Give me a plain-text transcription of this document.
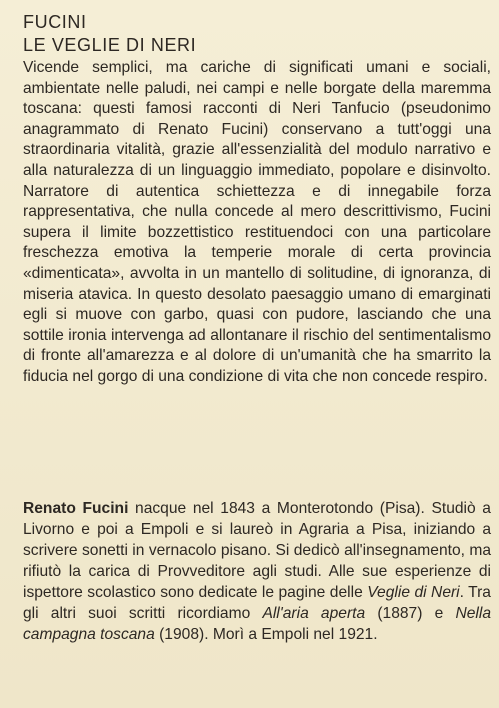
FUCINI

LE VEGLIE DI NERI

Vicende semplici, ma cariche di significati umani e sociali, ambientate nelle paludi, nei campi e nelle borgate della maremma toscana: questi famosi racconti di Neri Tanfucio (pseudonimo anagrammato di Renato Fucini) conservano a tutt'oggi una straordinaria vitalità, grazie all'essenzialità del modulo narrativo e alla naturalezza di un linguaggio immediato, popolare e disinvolto. Narratore di autentica schiettezza e di innegabile forza rappresentativa, che nulla concede al mero descrittivismo, Fucini supera il limite bozzettistico restituendoci con una particolare freschezza emotiva la temperie morale di certa provincia «dimenticata», avvolta in un mantello di solitudine, di ignoranza, di miseria atavica. In questo desolato paesaggio umano di emarginati egli si muove con garbo, quasi con pudore, lasciando che una sottile ironia intervenga ad allontanare il rischio del sentimentalismo di fronte all'amarezza e al dolore di un'umanità che ha smarrito la fiducia nel gorgo di una condizione di vita che non concede respiro.

Renato Fucini nacque nel 1843 a Monterotondo (Pisa). Studiò a Livorno e poi a Empoli e si laureò in Agraria a Pisa, iniziando a scrivere sonetti in vernacolo pisano. Si dedicò all'insegnamento, ma rifiutò la carica di Provveditore agli studi. Alle sue esperienze di ispettore scolastico sono dedicate le pagine delle Veglie di Neri. Tra gli altri suoi scritti ricordiamo All'aria aperta (1887) e Nella campagna toscana (1908). Morì a Empoli nel 1921.
